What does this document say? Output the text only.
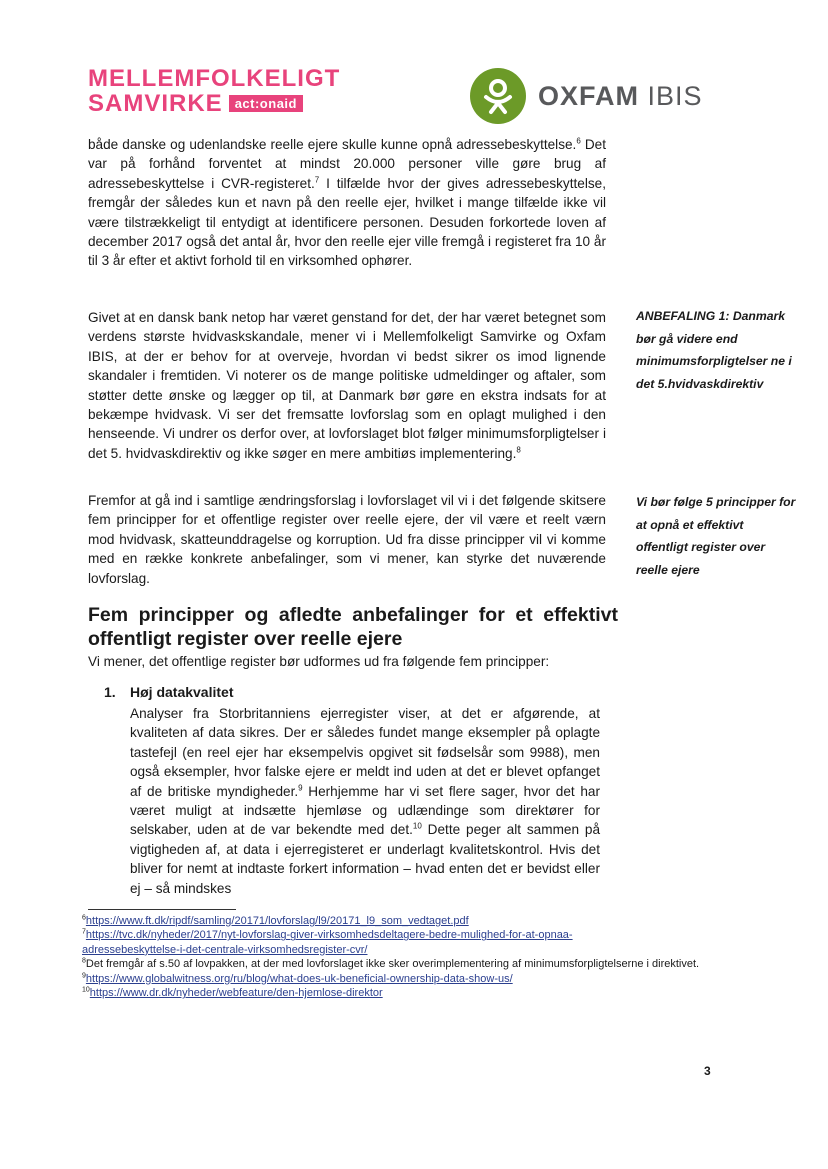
MELLEMFOLKELIGT
SAMVIRKE act:onaid	OXFAM IBIS
både danske og udenlandske reelle ejere skulle kunne opnå adressebeskyttelse.$^6$ Det var på forhånd forventet at mindst 20.000 personer ville gøre brug af adressebeskyttelse i CVR-registeret.$^7$ I tilfælde hvor der gives adressebeskyttelse, fremgår der således kun et navn på den reelle ejer, hvilket i mange tilfælde ikke vil være tilstrækkeligt til entydigt at identificere personen. Desuden forkortede loven af december 2017 også det antal år, hvor den reelle ejer ville fremgå i registeret fra 10 år til 3 år efter et aktivt forhold til en virksomhed ophører.
Givet at en dansk bank netop har været genstand for det, der har været betegnet som verdens største hvidvaskskandale, mener vi i Mellemfolkeligt Samvirke og Oxfam IBIS, at der er behov for at overveje, hvordan vi bedst sikrer os imod lignende skandaler i fremtiden. Vi noterer os de mange politiske udmeldinger og aftaler, som støtter dette ønske og lægger op til, at Danmark bør gøre en ekstra indsats for at bekæmpe hvidvask. Vi ser det fremsatte lovforslag som en oplagt mulighed i den henseende. Vi undrer os derfor over, at lovforslaget blot følger minimumsforpligtelser i det 5. hvidvaskdirektiv og ikke søger en mere ambitiøs implementering.$^8$
Fremfor at gå ind i samtlige ændringsforslag i lovforslaget vil vi i det følgende skitsere fem principper for et offentlige register over reelle ejere, der vil være et reelt værn mod hvidvask, skatteunddragelse og korruption. Ud fra disse principper vil vi komme med en række konkrete anbefalinger, som vi mener, kan styrke det nuværende lovforslag.
ANBEFALING 1: Danmark bør gå videre end minimumsforpligtelser ne i det 5.hvidvaskdirektiv
Vi bør følge 5 principper for at opnå et effektivt offentligt register over reelle ejere
Fem principper og afledte anbefalinger for et effektivt offentligt register over reelle ejere
Vi mener, det offentlige register bør udformes ud fra følgende fem principper:
1. Høj datakvalitet
Analyser fra Storbritanniens ejerregister viser, at det er afgørende, at kvaliteten af data sikres. Der er således fundet mange eksempler på oplagte tastefejl (en reel ejer har eksempelvis opgivet sit fødselsår som 9988), men også eksempler, hvor falske ejere er meldt ind uden at det er blevet opfanget af de britiske myndigheder.$^9$ Herhjemme har vi set flere sager, hvor det har været muligt at indsætte hjemløse og udlændinge som direktører for selskaber, uden at de var bekendte med det.$^{10}$ Dette peger alt sammen på vigtigheden af, at data i ejerregisteret er underlagt kvalitetskontrol. Hvis det bliver for nemt at indtaste forkert information – hvad enten det er bevidst eller ej – så mindskes

$^6$https://www.ft.dk/ripdf/samling/20171/lovforslag/l9/20171_l9_som_vedtaget.pdf

$^7$https://tvc.dk/nyheder/2017/nyt-lovforslag-giver-virksomhedsdeltagere-bedre-mulighed-for-at-opnaa-
adressebeskyttelse-i-det-centrale-virksomhedsregister-cvr/

$^8$Det fremgår af s.50 af lovpakken, at der med lovforslaget ikke sker overimplementering af minimumsforpligtelserne i direktivet.

$^9$https://www.globalwitness.org/ru/blog/what-does-uk-beneficial-ownership-data-show-us/

$^{10}$https://www.dr.dk/nyheder/webfeature/den-hjemlose-direktor

3
